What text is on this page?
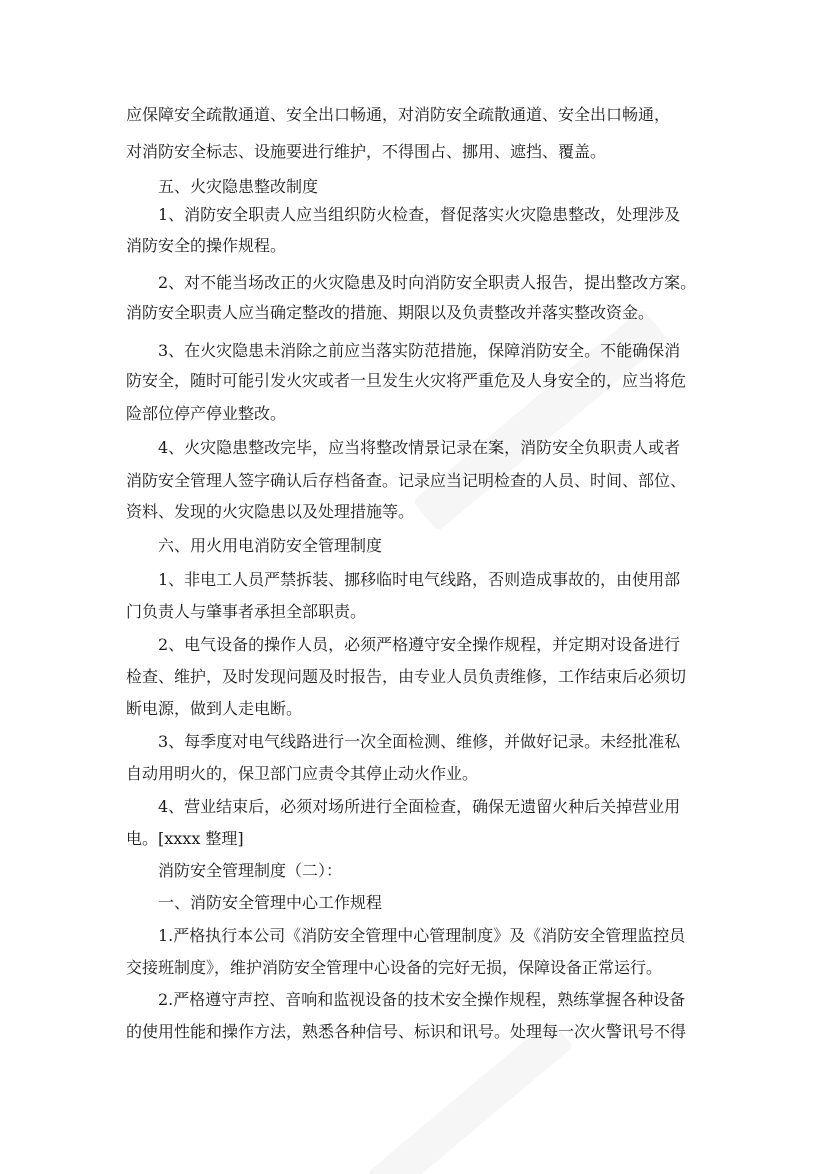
应保障安全疏散通道、安全出口畅通，对消防安全疏散通道、安全出口畅通，
对消防安全标志、设施要进行维护，不得围占、挪用、遮挡、覆盖。
五、火灾隐患整改制度
1、消防安全职责人应当组织防火检查，督促落实火灾隐患整改，处理涉及
消防安全的操作规程。
2、对不能当场改正的火灾隐患及时向消防安全职责人报告，提出整改方案。
消防安全职责人应当确定整改的措施、期限以及负责整改并落实整改资金。
3、在火灾隐患未消除之前应当落实防范措施，保障消防安全。不能确保消
防安全，随时可能引发火灾或者一旦发生火灾将严重危及人身安全的，应当将危
险部位停产停业整改。
4、火灾隐患整改完毕，应当将整改情景记录在案，消防安全负职责人或者
消防安全管理人签字确认后存档备查。记录应当记明检查的人员、时间、部位、
资料、发现的火灾隐患以及处理措施等。
六、用火用电消防安全管理制度
1、非电工人员严禁拆装、挪移临时电气线路，否则造成事故的，由使用部
门负责人与肇事者承担全部职责。
2、电气设备的操作人员，必须严格遵守安全操作规程，并定期对设备进行
检查、维护，及时发现问题及时报告，由专业人员负责维修，工作结束后必须切
断电源，做到人走电断。
3、每季度对电气线路进行一次全面检测、维修，并做好记录。未经批准私
自动用明火的，保卫部门应责令其停止动火作业。
4、营业结束后，必须对场所进行全面检查，确保无遗留火种后关掉营业用
电。[xxxx 整理]
消防安全管理制度（二）：
一、消防安全管理中心工作规程
1.严格执行本公司《消防安全管理中心管理制度》及《消防安全管理监控员
交接班制度》，维护消防安全管理中心设备的完好无损，保障设备正常运行。
2.严格遵守声控、音响和监视设备的技术安全操作规程，熟练掌握各种设备
的使用性能和操作方法，熟悉各种信号、标识和讯号。处理每一次火警讯号不得
